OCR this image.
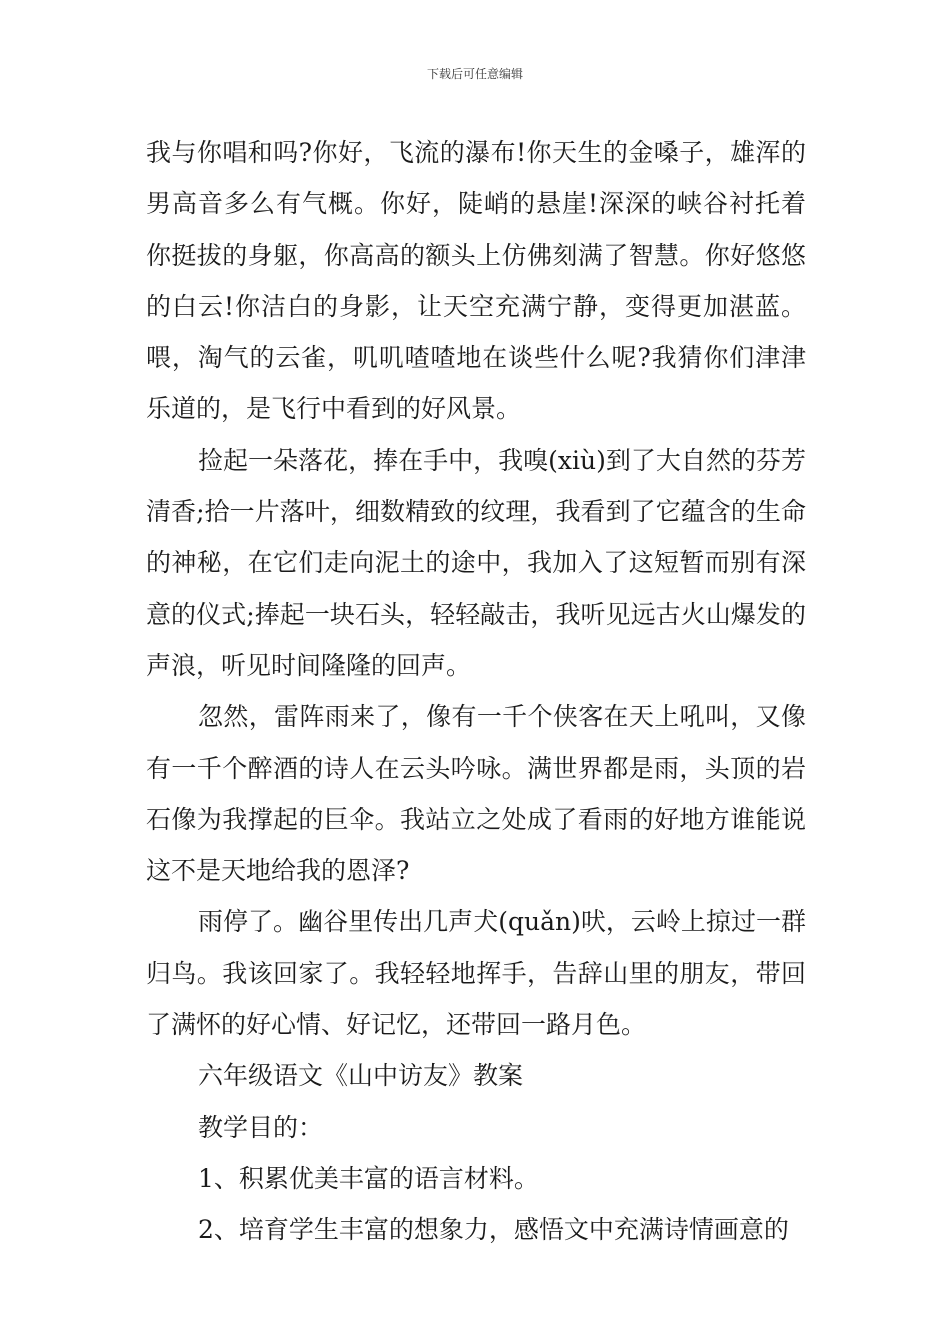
下载后可任意编辑

我与你唱和吗?你好，飞流的瀑布!你天生的金嗓子，雄浑的男高音多么有气概。你好，陡峭的悬崖!深深的峡谷衬托着你挺拔的身躯，你高高的额头上仿佛刻满了智慧。你好悠悠的白云!你洁白的身影，让天空充满宁静，变得更加湛蓝。喂，淘气的云雀，叽叽喳喳地在谈些什么呢?我猜你们津津乐道的，是飞行中看到的好风景。

捡起一朵落花，捧在手中，我嗅(xiù)到了大自然的芬芳清香;拾一片落叶，细数精致的纹理，我看到了它蕴含的生命的神秘，在它们走向泥土的途中，我加入了这短暂而别有深意的仪式;捧起一块石头，轻轻敲击，我听见远古火山爆发的声浪，听见时间隆隆的回声。

忽然，雷阵雨来了，像有一千个侠客在天上吼叫，又像有一千个醉酒的诗人在云头吟咏。满世界都是雨，头顶的岩石像为我撑起的巨伞。我站立之处成了看雨的好地方谁能说这不是天地给我的恩泽?

雨停了。幽谷里传出几声犬(quǎn)吠，云岭上掠过一群归鸟。我该回家了。我轻轻地挥手，告辞山里的朋友，带回了满怀的好心情、好记忆，还带回一路月色。

六年级语文《山中访友》教案

教学目的：

1、积累优美丰富的语言材料。

2、培育学生丰富的想象力，感悟文中充满诗情画意的
